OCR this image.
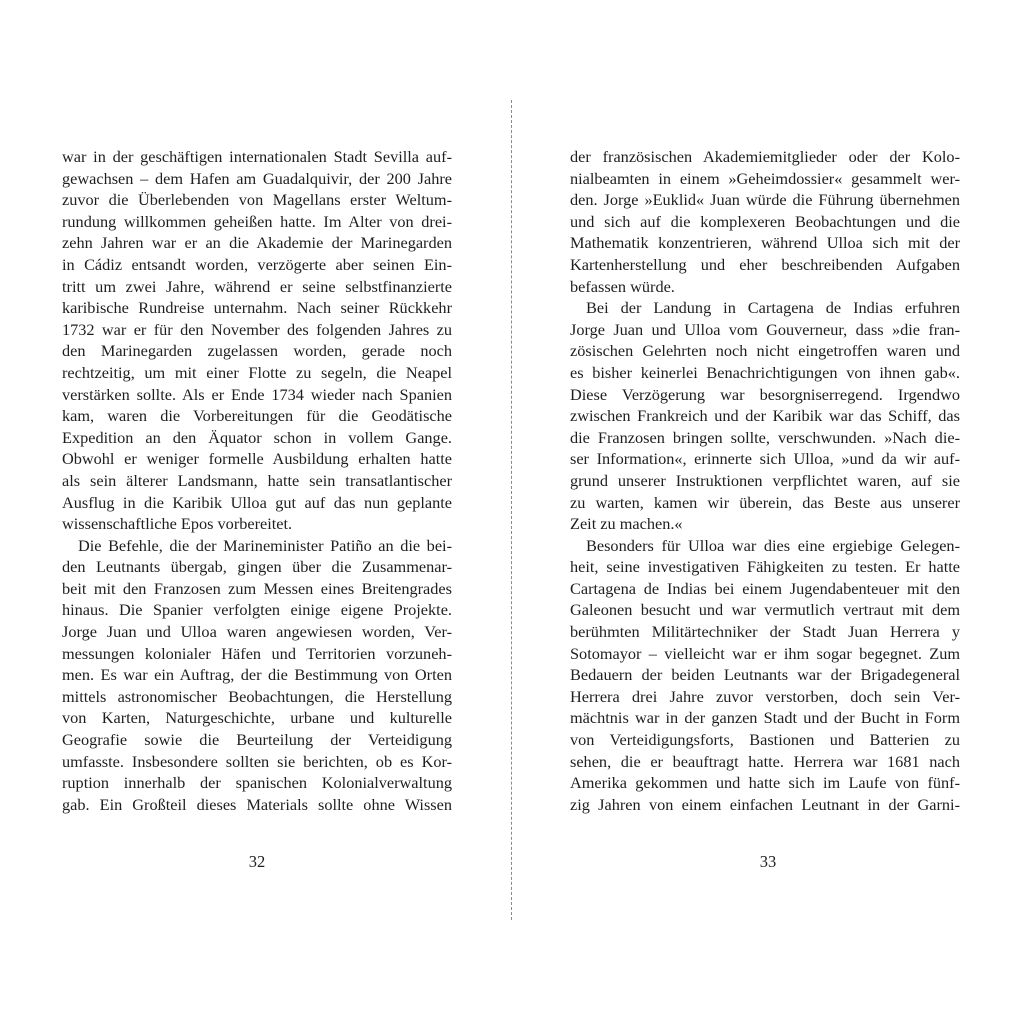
war in der geschäftigen internationalen Stadt Sevilla auf-
gewachsen – dem Hafen am Guadalquivir, der 200 Jahre
zuvor die Überlebenden von Magellans erster Weltum-
rundung willkommen geheißen hatte. Im Alter von drei-
zehn Jahren war er an die Akademie der Marinegarden
in Cádiz entsandt worden, verzögerte aber seinen Ein-
tritt um zwei Jahre, während er seine selbstfinanzierte
karibische Rundreise unternahm. Nach seiner Rückkehr
1732 war er für den November des folgenden Jahres zu
den Marinegarden zugelassen worden, gerade noch
rechtzeitig, um mit einer Flotte zu segeln, die Neapel
verstärken sollte. Als er Ende 1734 wieder nach Spanien
kam, waren die Vorbereitungen für die Geodätische
Expedition an den Äquator schon in vollem Gange.
Obwohl er weniger formelle Ausbildung erhalten hatte
als sein älterer Landsmann, hatte sein transatlantischer
Ausflug in die Karibik Ulloa gut auf das nun geplante
wissenschaftliche Epos vorbereitet.
Die Befehle, die der Marineminister Patiño an die bei-
den Leutnants übergab, gingen über die Zusammenar-
beit mit den Franzosen zum Messen eines Breitengrades
hinaus. Die Spanier verfolgten einige eigene Projekte.
Jorge Juan und Ulloa waren angewiesen worden, Ver-
messungen kolonialer Häfen und Territorien vorzuneh-
men. Es war ein Auftrag, der die Bestimmung von Orten
mittels astronomischer Beobachtungen, die Herstellung
von Karten, Naturgeschichte, urbane und kulturelle
Geografie sowie die Beurteilung der Verteidigung
umfasste. Insbesondere sollten sie berichten, ob es Kor-
ruption innerhalb der spanischen Kolonialverwaltung
gab. Ein Großteil dieses Materials sollte ohne Wissen
der französischen Akademiemitglieder oder der Kolo-
nialbeamten in einem »Geheimdossier« gesammelt wer-
den. Jorge »Euklid« Juan würde die Führung übernehmen
und sich auf die komplexeren Beobachtungen und die
Mathematik konzentrieren, während Ulloa sich mit der
Kartenherstellung und eher beschreibenden Aufgaben
befassen würde.
Bei der Landung in Cartagena de Indias erfuhren
Jorge Juan und Ulloa vom Gouverneur, dass »die fran-
zösischen Gelehrten noch nicht eingetroffen waren und
es bisher keinerlei Benachrichtigungen von ihnen gab«.
Diese Verzögerung war besorgniserregend. Irgendwo
zwischen Frankreich und der Karibik war das Schiff, das
die Franzosen bringen sollte, verschwunden. »Nach die-
ser Information«, erinnerte sich Ulloa, »und da wir auf-
grund unserer Instruktionen verpflichtet waren, auf sie
zu warten, kamen wir überein, das Beste aus unserer
Zeit zu machen.«
Besonders für Ulloa war dies eine ergiebige Gelegen-
heit, seine investigativen Fähigkeiten zu testen. Er hatte
Cartagena de Indias bei einem Jugendabenteuer mit den
Galeonen besucht und war vermutlich vertraut mit dem
berühmten Militärtechniker der Stadt Juan Herrera y
Sotomayor – vielleicht war er ihm sogar begegnet. Zum
Bedauern der beiden Leutnants war der Brigadegeneral
Herrera drei Jahre zuvor verstorben, doch sein Ver-
mächtnis war in der ganzen Stadt und der Bucht in Form
von Verteidigungsforts, Bastionen und Batterien zu
sehen, die er beauftragt hatte. Herrera war 1681 nach
Amerika gekommen und hatte sich im Laufe von fünf-
zig Jahren von einem einfachen Leutnant in der Garni-
32	33
